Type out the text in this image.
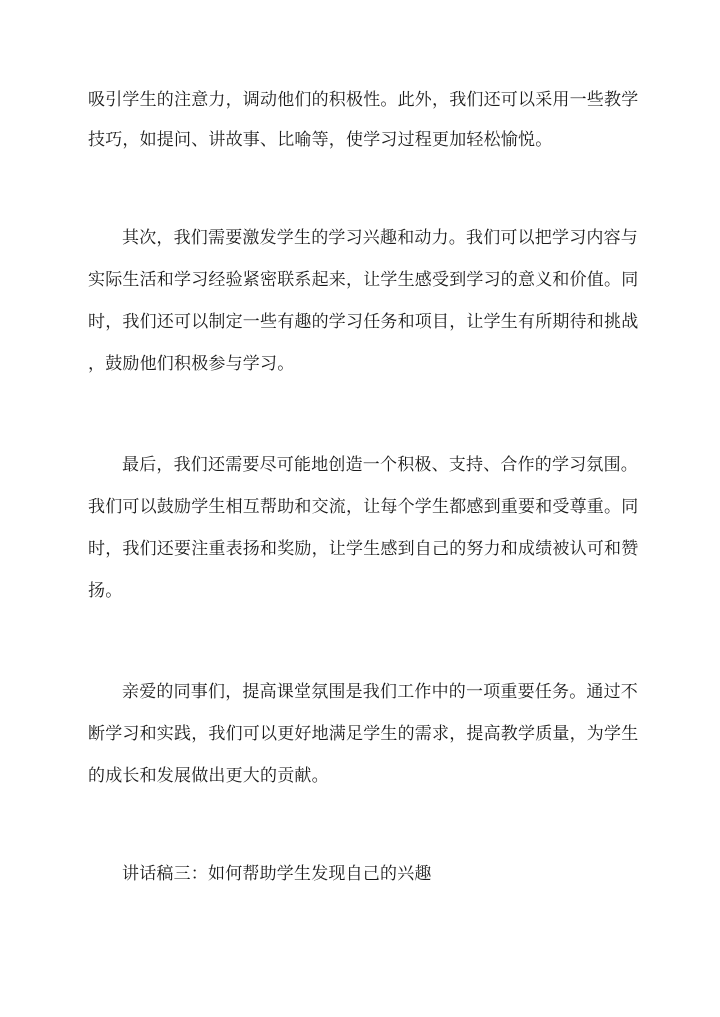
吸引学生的注意力，调动他们的积极性。此外，我们还可以采用一些教学
技巧，如提问、讲故事、比喻等，使学习过程更加轻松愉悦。
其次，我们需要激发学生的学习兴趣和动力。我们可以把学习内容与
实际生活和学习经验紧密联系起来，让学生感受到学习的意义和价值。同
时，我们还可以制定一些有趣的学习任务和项目，让学生有所期待和挑战
，鼓励他们积极参与学习。
最后，我们还需要尽可能地创造一个积极、支持、合作的学习氛围。
我们可以鼓励学生相互帮助和交流，让每个学生都感到重要和受尊重。同
时，我们还要注重表扬和奖励，让学生感到自己的努力和成绩被认可和赞
扬。
亲爱的同事们，提高课堂氛围是我们工作中的一项重要任务。通过不
断学习和实践，我们可以更好地满足学生的需求，提高教学质量，为学生
的成长和发展做出更大的贡献。
讲话稿三：如何帮助学生发现自己的兴趣
